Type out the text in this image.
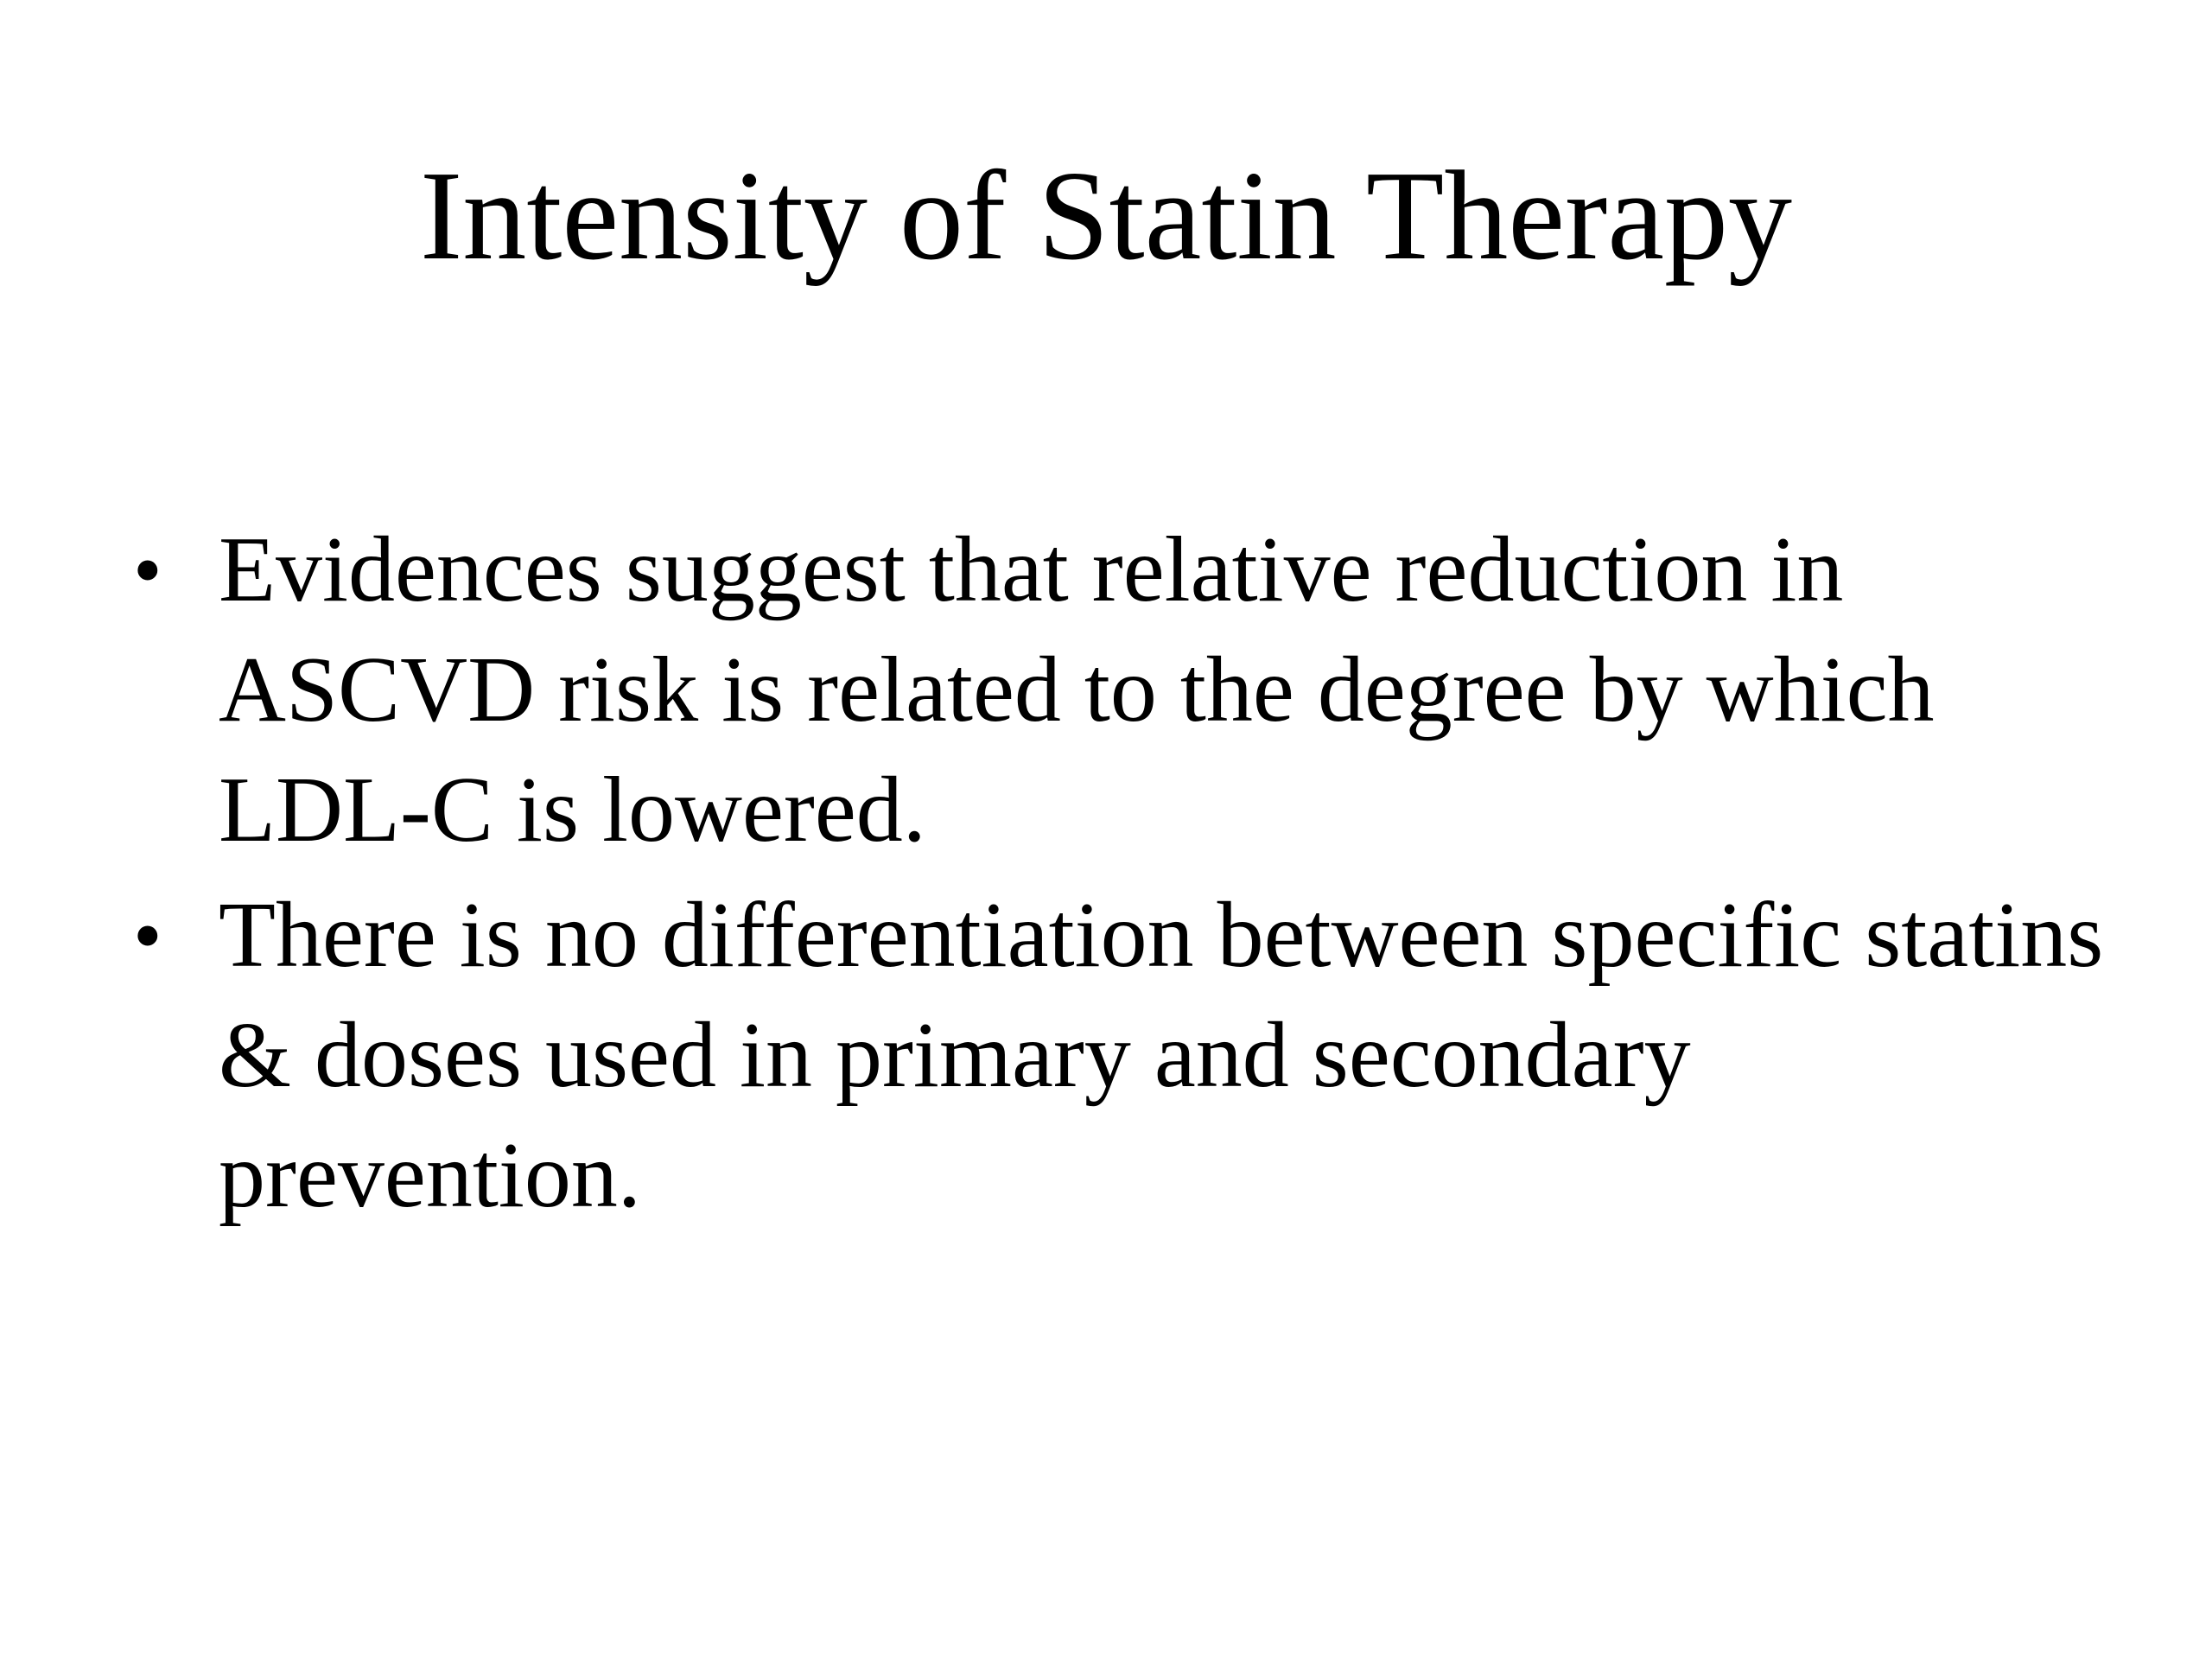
Intensity of Statin Therapy
• Evidences suggest that relative reduction in ASCVD risk is related to the degree by which LDL-C is lowered.
• There is no differentiation between specific statins & doses used in primary and secondary prevention.
